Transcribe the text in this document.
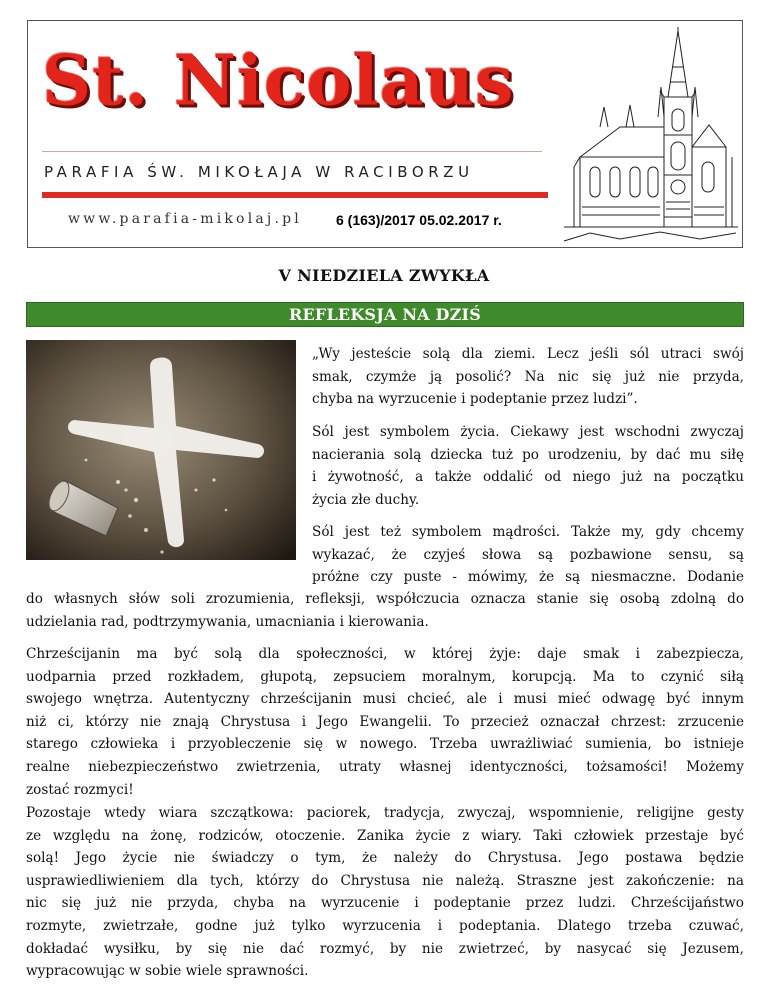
St. Nicolaus
PARAFIA ŚW. MIKOŁAJA W RACIBORZU
www.parafia-mikolaj.pl 6 (163)/2017 05.02.2017 r.
V NIEDZIELA ZWYKŁA
REFLEKSJA NA DZIŚ
„Wy jesteście solą dla ziemi. Lecz jeśli sól utraci swój
smak, czymże ją posolić? Na nic się już nie przyda,
chyba na wyrzucenie i podeptanie przez ludzi”.
Sól jest symbolem życia. Ciekawy jest wschodni zwyczaj
nacierania solą dziecka tuż po urodzeniu, by dać mu siłę
i żywotność, a także oddalić od niego już na początku
życia złe duchy.
Sól jest też symbolem mądrości. Także my, gdy chcemy
wykazać, że czyjeś słowa są pozbawione sensu, są
próżne czy puste - mówimy, że są niesmaczne. Dodanie
do własnych słów soli zrozumienia, refleksji, współczucia oznacza stanie się osobą zdolną do
udzielania rad, podtrzymywania, umacniania i kierowania.
Chrześcijanin ma być solą dla społeczności, w której żyje: daje smak i zabezpiecza,
uodparnia przed rozkładem, głupotą, zepsuciem moralnym, korupcją. Ma to czynić siłą
swojego wnętrza. Autentyczny chrześcijanin musi chcieć, ale i musi mieć odwagę być innym
niż ci, którzy nie znają Chrystusa i Jego Ewangelii. To przecież oznaczał chrzest: zrzucenie
starego człowieka i przyobleczenie się w nowego. Trzeba uwrażliwiać sumienia, bo istnieje
realne niebezpieczeństwo zwietrzenia, utraty własnej identyczności, tożsamości! Możemy
zostać rozmyci!
Pozostaje wtedy wiara szczątkowa: paciorek, tradycja, zwyczaj, wspomnienie, religijne gesty
ze względu na żonę, rodziców, otoczenie. Zanika życie z wiary. Taki człowiek przestaje być
solą! Jego życie nie świadczy o tym, że należy do Chrystusa. Jego postawa będzie
usprawiedliwieniem dla tych, którzy do Chrystusa nie należą. Straszne jest zakończenie: na
nic się już nie przyda, chyba na wyrzucenie i podeptanie przez ludzi. Chrześcijaństwo
rozmyte, zwietrzałe, godne już tylko wyrzucenia i podeptania. Dlatego trzeba czuwać,
dokładać wysiłku, by się nie dać rozmyć, by nie zwietrzeć, by nasycać się Jezusem,
wypracowując w sobie wiele sprawności.
